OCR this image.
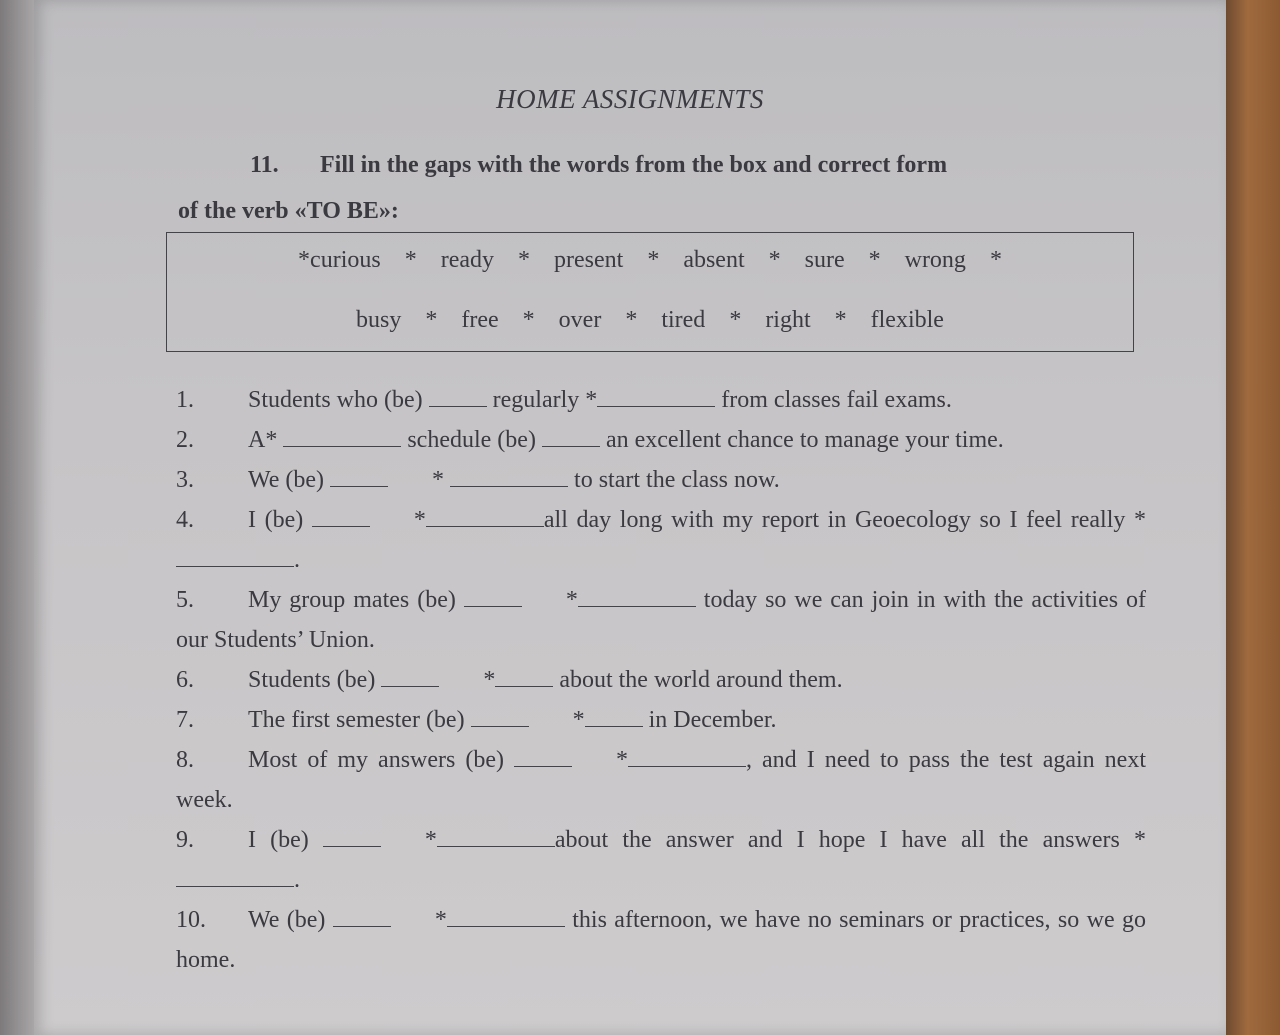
HOME ASSIGNMENTS
11. Fill in the gaps with the words from the box and correct form
of the verb «TO BE»:
*curious * ready * present * absent * sure * wrong *
busy * free * over * tired * right * flexible
1. Students who (be)	regularly *	from classes fail exams.
2. A*	schedule (be)	an excellent chance to manage your time.
3. We (be)	*	to start the class now.
4. I (be)	*	all day long with my report in Geoecology so I feel really *.
5. My group mates (be)	*	today so we can join in with the activities of our Students’ Union.
6. Students (be)	*	about the world around them.
7. The first semester (be)	*	in December.
8. Most of my answers (be)	*	, and I need to pass the test again next week.
9. I (be)	*	about the answer and I hope I have all the answers *.
10. We (be)	*	this afternoon, we have no seminars or practices, so we go home.
